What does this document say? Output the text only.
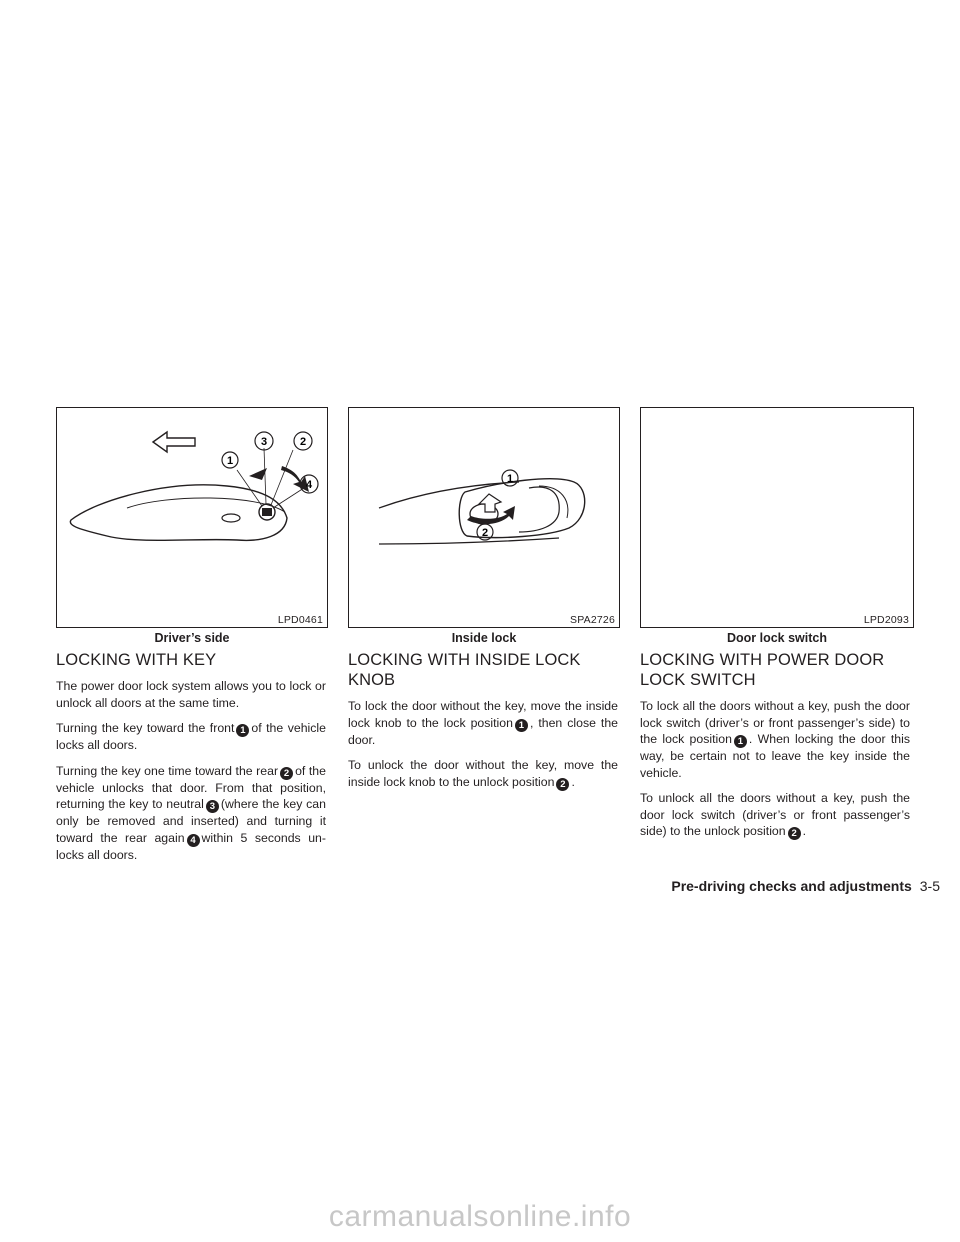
1
2
3
4
LPD0461
Driver’s side
1
2
SPA2726
Inside lock
LPD2093
Door lock switch
LOCKING WITH KEY

The power door lock system allows you to lock or unlock all doors at the same time.

Turning the key toward the front 1 of the vehicle locks all doors.

Turning the key one time toward the rear 2 of the vehicle unlocks that door. From that position, returning the key to neutral 3 (where the key can only be removed and inserted) and turning it toward the rear again 4 within 5 seconds un-locks all doors.

LOCKING WITH INSIDE LOCK KNOB

To lock the door without the key, move the inside lock knob to the lock position 1 , then close the door.

To unlock the door without the key, move the inside lock knob to the unlock position 2 .

LOCKING WITH POWER DOOR LOCK SWITCH

To lock all the doors without a key, push the door lock switch (driver’s or front passenger’s side) to the lock position 1 . When locking the door this way, be certain not to leave the key inside the vehicle.

To unlock all the doors without a key, push the door lock switch (driver’s or front passenger’s side) to the unlock position 2 .

Pre-driving checks and adjustments 3-5
carmanualsonline.info
